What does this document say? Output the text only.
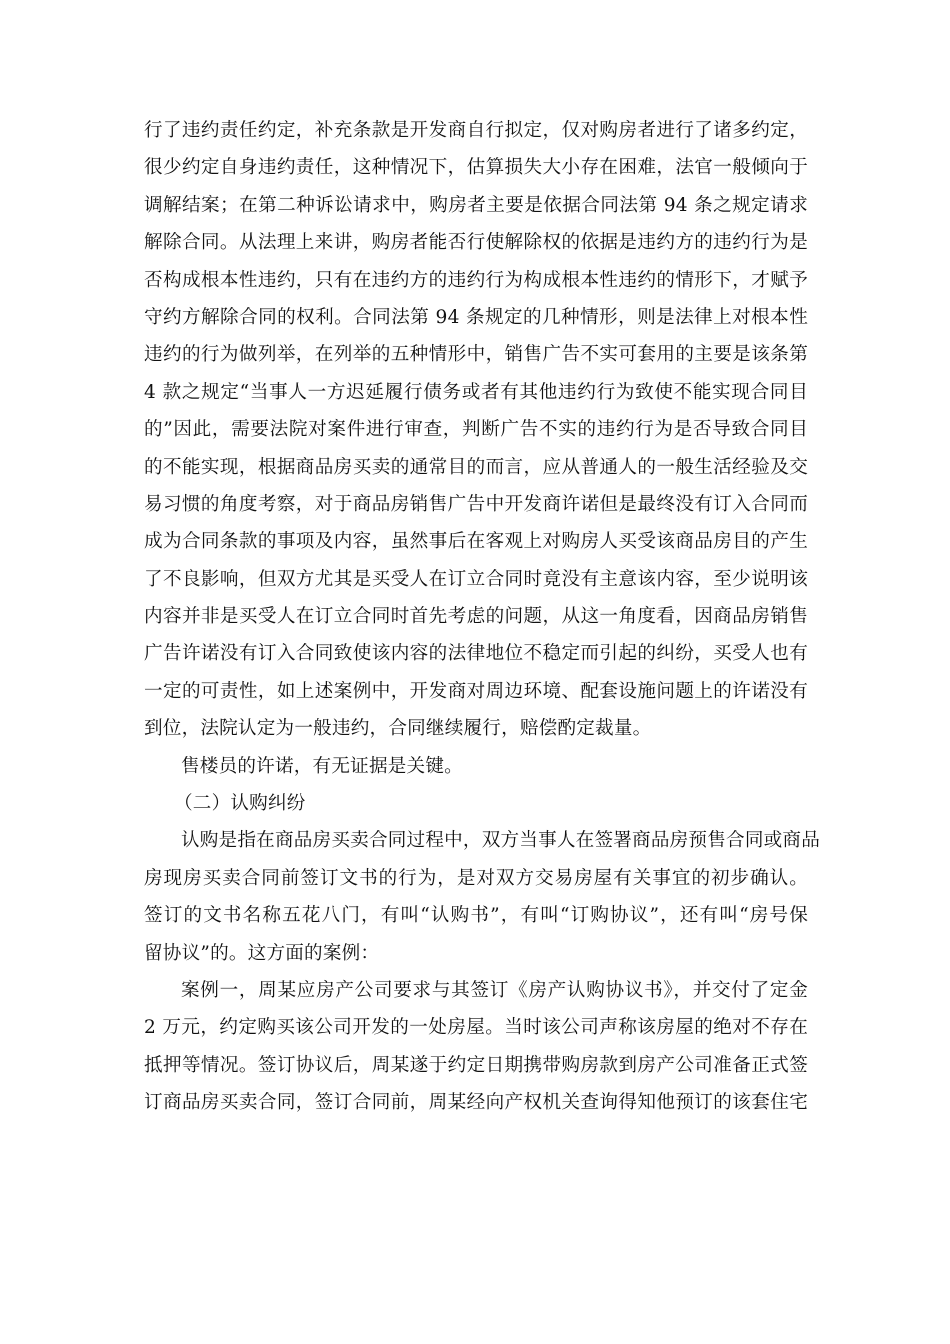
行了违约责任约定，补充条款是开发商自行拟定，仅对购房者进行了诸多约定，
很少约定自身违约责任，这种情况下，估算损失大小存在困难，法官一般倾向于
调解结案；在第二种诉讼请求中，购房者主要是依据合同法第 94 条之规定请求
解除合同。从法理上来讲，购房者能否行使解除权的依据是违约方的违约行为是
否构成根本性违约，只有在违约方的违约行为构成根本性违约的情形下，才赋予
守约方解除合同的权利。合同法第 94 条规定的几种情形，则是法律上对根本性
违约的行为做列举，在列举的五种情形中，销售广告不实可套用的主要是该条第
4 款之规定“当事人一方迟延履行债务或者有其他违约行为致使不能实现合同目
的”因此，需要法院对案件进行审查，判断广告不实的违约行为是否导致合同目
的不能实现，根据商品房买卖的通常目的而言，应从普通人的一般生活经验及交
易习惯的角度考察，对于商品房销售广告中开发商许诺但是最终没有订入合同而
成为合同条款的事项及内容，虽然事后在客观上对购房人买受该商品房目的产生
了不良影响，但双方尤其是买受人在订立合同时竟没有主意该内容，至少说明该
内容并非是买受人在订立合同时首先考虑的问题，从这一角度看，因商品房销售
广告许诺没有订入合同致使该内容的法律地位不稳定而引起的纠纷，买受人也有
一定的可责性，如上述案例中，开发商对周边环境、配套设施问题上的许诺没有
到位，法院认定为一般违约，合同继续履行，赔偿酌定裁量。
售楼员的许诺，有无证据是关键。
（二）认购纠纷
认购是指在商品房买卖合同过程中，双方当事人在签署商品房预售合同或商品
房现房买卖合同前签订文书的行为，是对双方交易房屋有关事宜的初步确认。
签订的文书名称五花八门，有叫“认购书”，有叫“订购协议”，还有叫“房号保
留协议”的。这方面的案例：
案例一，周某应房产公司要求与其签订《房产认购协议书》，并交付了定金
2 万元，约定购买该公司开发的一处房屋。当时该公司声称该房屋的绝对不存在
抵押等情况。签订协议后，周某遂于约定日期携带购房款到房产公司准备正式签
订商品房买卖合同，签订合同前，周某经向产权机关查询得知他预订的该套住宅
